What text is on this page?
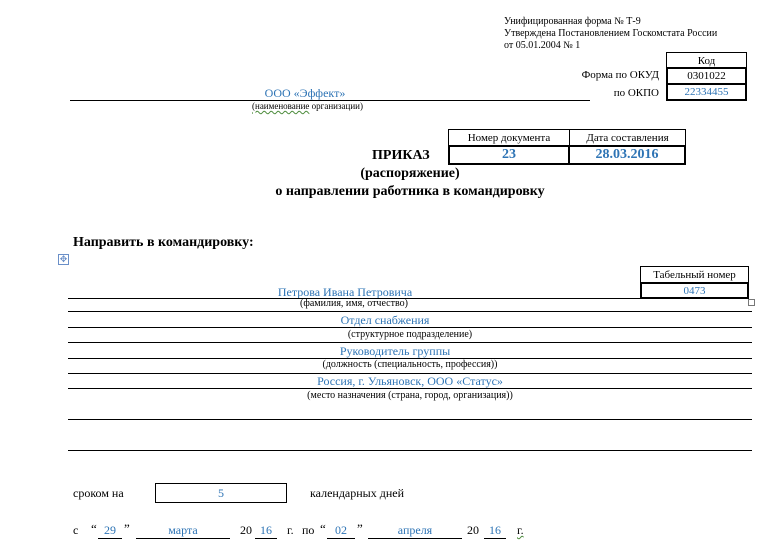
Унифицированная форма № Т-9
Утверждена Постановлением Госкомстата России
от 05.01.2004 № 1
Код
Форма по ОКУД	0301022
по ОКПО 22334455
ООО «Эффект»
(наименование организации)
Номер документа	Дата составления
23	28.03.2016
ПРИКАЗ
(распоряжение)
о направлении работника в командировку
Направить в командировку:
✥
Табельный номер
0473
Петрова Ивана Петровича
(фамилия, имя, отчество)
Отдел снабжения
(структурное подразделение)
Руководитель группы
(должность (специальность, профессия))
Россия, г. Ульяновск, ООО «Статус»
(место назначения (страна, город, организация))
сроком на	5	календарных дней
с “ 29 ”	марта	20 16	г. по “ 02 ”	апреля	20 16	г.
